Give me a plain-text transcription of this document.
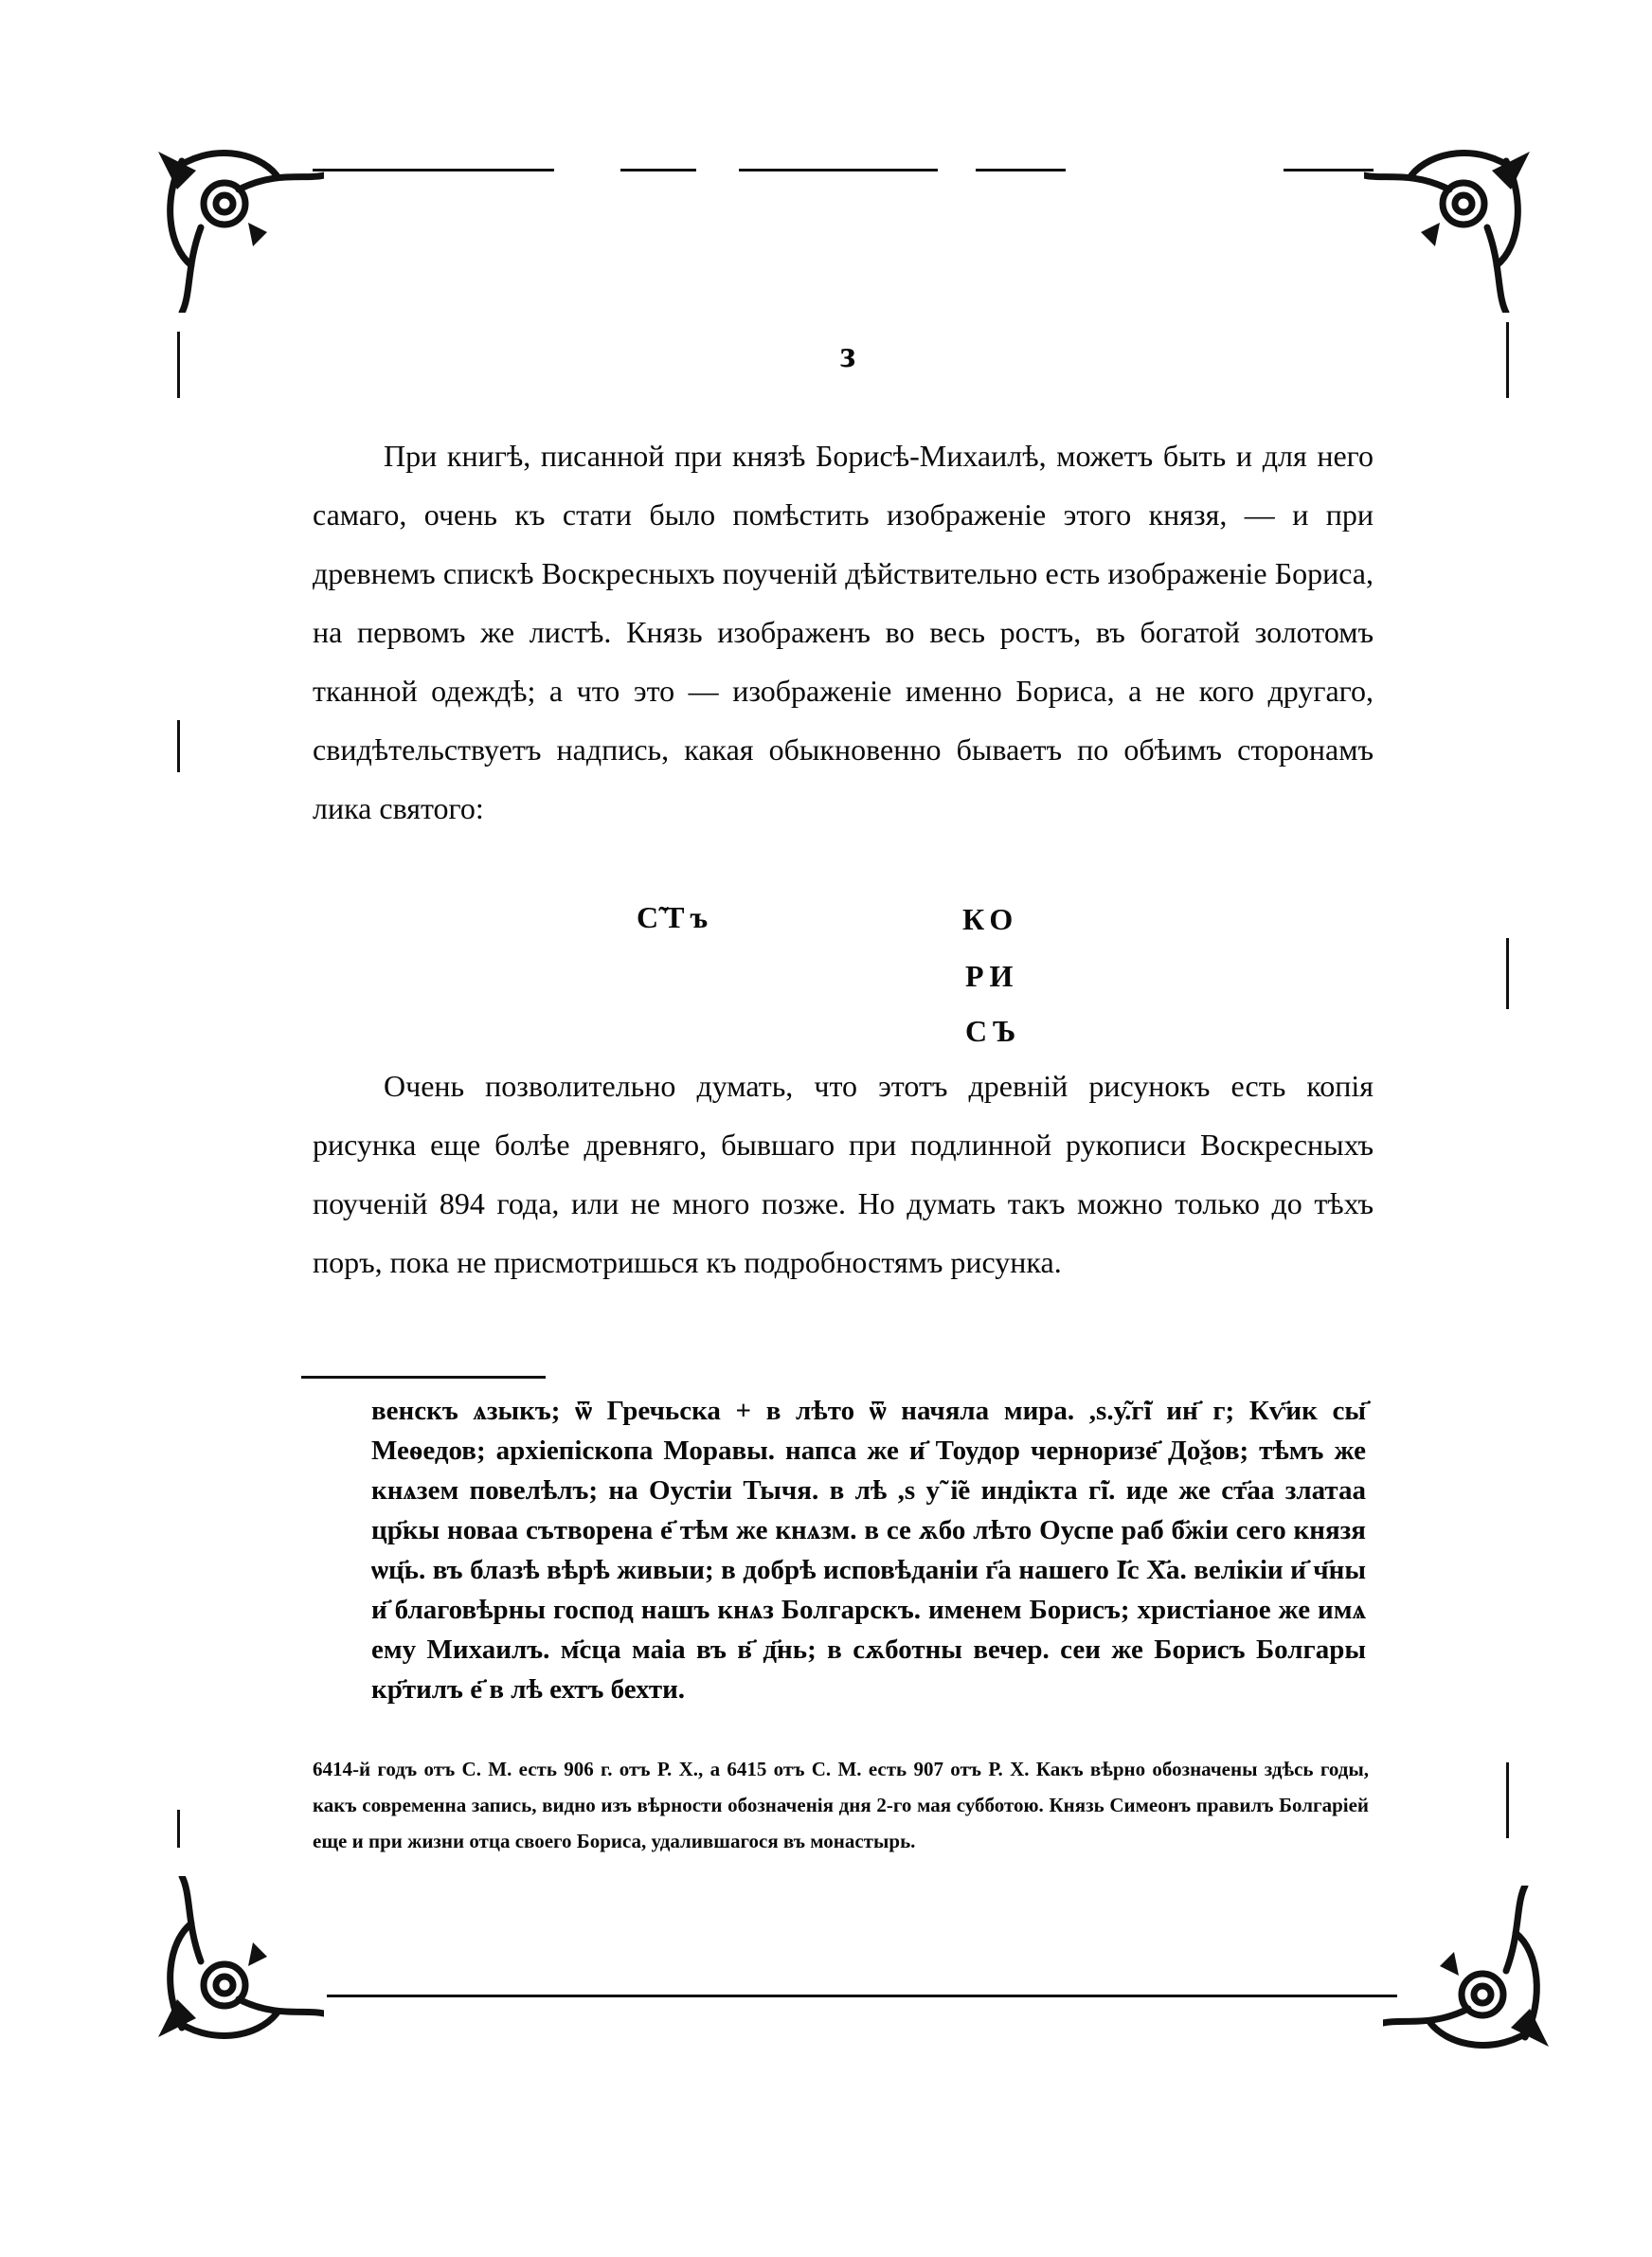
з

При книгѣ, писанной при князѣ Борисѣ-Михаилѣ, можетъ быть и для него самаго, очень къ стати было помѣстить изображенiе этого князя, — и при древнемъ спискѣ Воскресныхъ поученiй дѣйствительно есть изображенiе Бориса, на первомъ же листѣ. Князь изображенъ во весь ростъ, въ богатой золотомъ тканной одеждѣ; а что это — изображенiе именно Бориса, а не кого другаго, свидѣтельствуетъ надпись, какая обыкновенно бываетъ по обѣимъ сторонамъ лика святого:

С̃Тъ	КО
РИ
СЪ

Очень позволительно думать, что этотъ древнiй рисунокъ есть копiя рисунка еще болѣе древняго, бывшаго при подлинной рукописи Воскресныхъ поученiй 894 года, или не много позже. Но думать такъ можно только до тѣхъ поръ, пока не присмотришься къ подробностямъ рисунка.

венскъ ѧзыкъ; ѿ Гречьска + в лѣто ѿ начяла мира. ,ѕ.у̃.г̃і ин҃ г; Кѵ҃ик сы҃ Меѳедов; архiепiскопа Моравы. напса же и҃ Тоудор черноризе҃ Доѯов; тѣмъ же кнѧзем повелѣлъ; на Оустiи Тычя. в лѣ ,ѕ у̃ і̃е индiкта г̃і. иде же ст҃аа златаа цр҃кы новаа сътворена е҃ тѣм же кнѧзм. в се ѫбо лѣто Оуспе раб б҃жiи сего князя ѡц҃ь. въ блазѣ вѣрѣ живыи; в добрѣ исповѣданiи г҃а нашего І҃с Х҃а. велiкiи и҃ ч҃ны и҃ благовѣрны господ нашъ кнѧз Болгарскъ. именем Борисъ; христiаное же имѧ ему Михаилъ. м҃сца маiа въ в҃ д҃нь; в сѫботны вечер. сеи же Борисъ Болгары кр҃тилъ е҃ в лѣ ехтъ бехти.
6414-й годъ отъ С. М. есть 906 г. отъ Р. Х., а 6415 отъ С. М. есть 907 отъ Р. Х. Какъ вѣрно обозначены здѣсь годы, какъ современна запись, видно изъ вѣрности обозначенiя дня 2-го мая субботою. Князь Симеонъ правилъ Болгарiей еще и при жизни отца своего Бориса, удалившагося въ монастырь.
